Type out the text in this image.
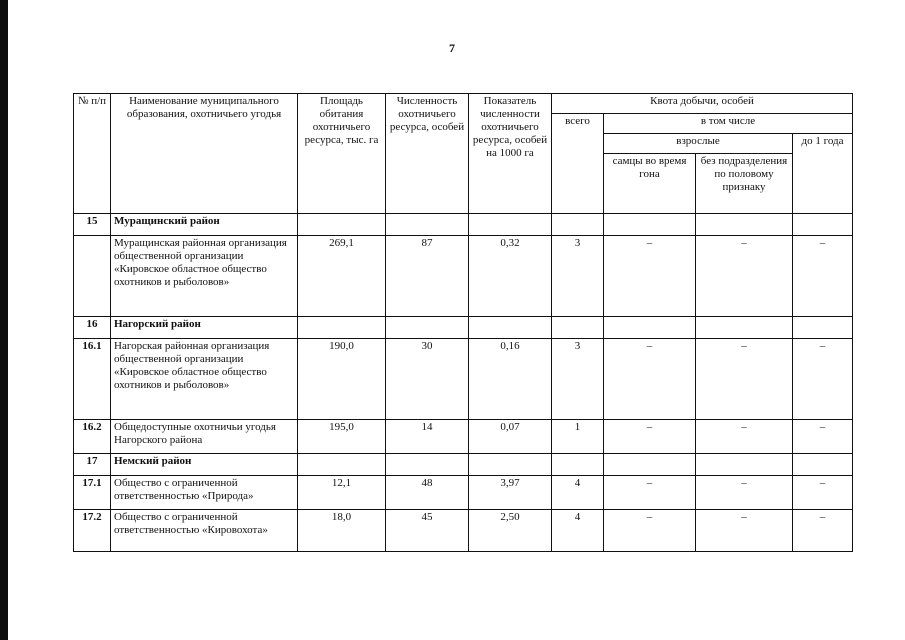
7
№ п/п	Наименование муниципального образования, охотничьего угодья	Площадь обитания охотничьего ресурса, тыс. га	Численность охотничьего ресурса, особей	Показатель численности охотничьего ресурса, особей на 1000 га	Квота добычи, особей			
					всего	в том числе		
						взрослые		до 1 года
						самцы во время гона	без подразделения по половому признаку	
15	Муращинский район							
	Муращинская районная организация общественной организации «Кировское областное общество охотников и рыболовов»	269,1	87	0,32	3	–	–	–
16	Нагорский район							
16.1	Нагорская районная организация общественной организации «Кировское областное общество охотников и рыболовов»	190,0	30	0,16	3	–	–	–
16.2	Общедоступные охотничьи угодья Нагорского района	195,0	14	0,07	1	–	–	–
17	Немский район							
17.1	Общество с ограниченной ответственностью «Природа»	12,1	48	3,97	4	–	–	–
17.2	Общество с ограниченной ответственностью «Кировохота»	18,0	45	2,50	4	–	–	–
